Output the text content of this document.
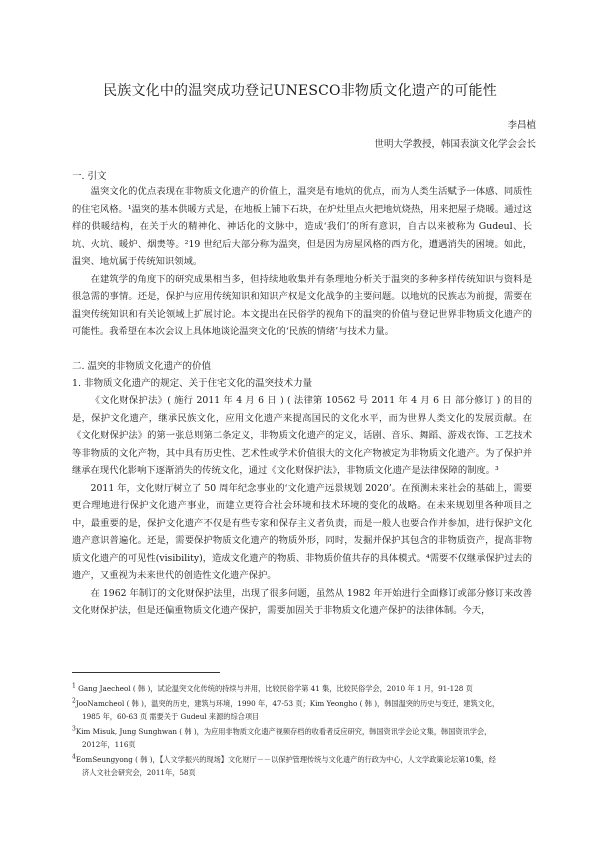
民族文化中的温突成功登记UNESCO非物质文化遗产的可能性
李昌植
世明大学教授，韩国表演文化学会会长
一. 引文

温突文化的优点表现在非物质文化遗产的价值上，温突是有地炕的优点，而为人类生活赋予一体感、同质性的住宅风格。¹温突的基本供暖方式是，在地板上铺下石块，在炉灶里点火把地炕烧热，用来把屋子烧暖。通过这样的供暖结构，在关于火的精神化、神话化的文脉中，造成‘我们’的所有意识，自古以来被称为 Gudeul、长坑、火坑、暖炉、烟㶳等。²19 世纪后大部分称为温突，但是因为房屋风格的西方化，遭遇消失的困境。如此，温突、地炕属于传统知识领域。

在建筑学的角度下的研究成果相当多，但持续地收集并有条理地分析关于温突的多种多样传统知识与资料是很急需的事情。还是，保护与应用传统知识和知识产权是文化战争的主要问题。以地炕的民族志为前提，需要在温突传统知识和有关论领域上扩展讨论。本文提出在民俗学的视角下的温突的价值与登记世界非物质文化遗产的可能性。我希望在本次会议上具体地谈论温突文化的‘民族的情绪’与技术力量。

二. 温突的非物质文化遗产的价值
1. 非物质文化遗产的规定、关于住宅文化的温突技术力量

《文化财保护法》( 施行 2011 年 4 月 6 日 ) ( 法律第 10562 号 2011 年 4 月 6 日 部分修订 ) 的目的是，保护文化遗产，继承民族文化，应用文化遗产来提高国民的文化水平，而为世界人类文化的发展贡献。在《文化财保护法》的第一张总则第二条定义，非物质文化遗产的定义，话剧、音乐、舞蹈、游戏衣饰、工艺技术等非物质的文化产物，其中具有历史性、艺术性或学术价值很大的文化产物被定为非物质文化遗产。为了保护并继承在现代化影响下逐渐消失的传统文化，通过《文化财保护法》，非物质文化遗产是法律保障的制度。³

2011 年，文化财厅树立了 50 周年纪念事业的‘文化遗产远景规划 2020’。在预测未来社会的基础上，需要更合理地进行保护文化遗产事业，而建立更符合社会环境和技术环境的变化的战略。在未来规划里各种项目之中，最重要的是，保护文化遗产不仅是有些专家和保存主义者负责，而是一般人也要合作并参加，进行保护文化遗产意识普遍化。还是，需要保护物质文化遗产的物质外形，同时，发掘并保护其包含的非物质资产，提高非物质文化遗产的可见性(visibility)，造成文化遗产的物质、非物质价值共存的具体模式。⁴需要不仅继承保护过去的遗产，又重视为未来世代的创造性文化遗产保护。

在 1962 年制订的文化财保护法里，出现了很多问题，虽然从 1982 年开始进行全面修订或部分修订来改善文化财保护法，但是还偏重物质文化遗产保护，需要加固关于非物质文化遗产保护的法律体制。今天，

$^1$ Gang Jaecheol ( 韩 )，试论温突文化传统的持续与并用，比较民俗学第 41 集，比较民俗学会，2010 年 1 月，91-128 页
$^2$JooNamcheol ( 韩 )，温突的历史，建筑与环境，1990 年，47-53 页；Kim Yeongho ( 韩 )，韩国温突的历史与变迁，建筑文化，
1985 年，60-63 页 需要关于 Gudeul 来源的综合项目
$^3$Kim Misuk, Jung Sunghwan ( 韩 )，为应用非物质文化遗产视频存档的收看者反应研究，韩国资讯学会论文集，韩国资讯学会，
2012年，116页
$^4$EomSeungyong ( 韩 )，【人文学振兴的现场】文化财厅－－以保护管理传统与文化遗产的行政为中心，人文学政策论坛第10集，经
济人文社会研究会，2011年，58页
